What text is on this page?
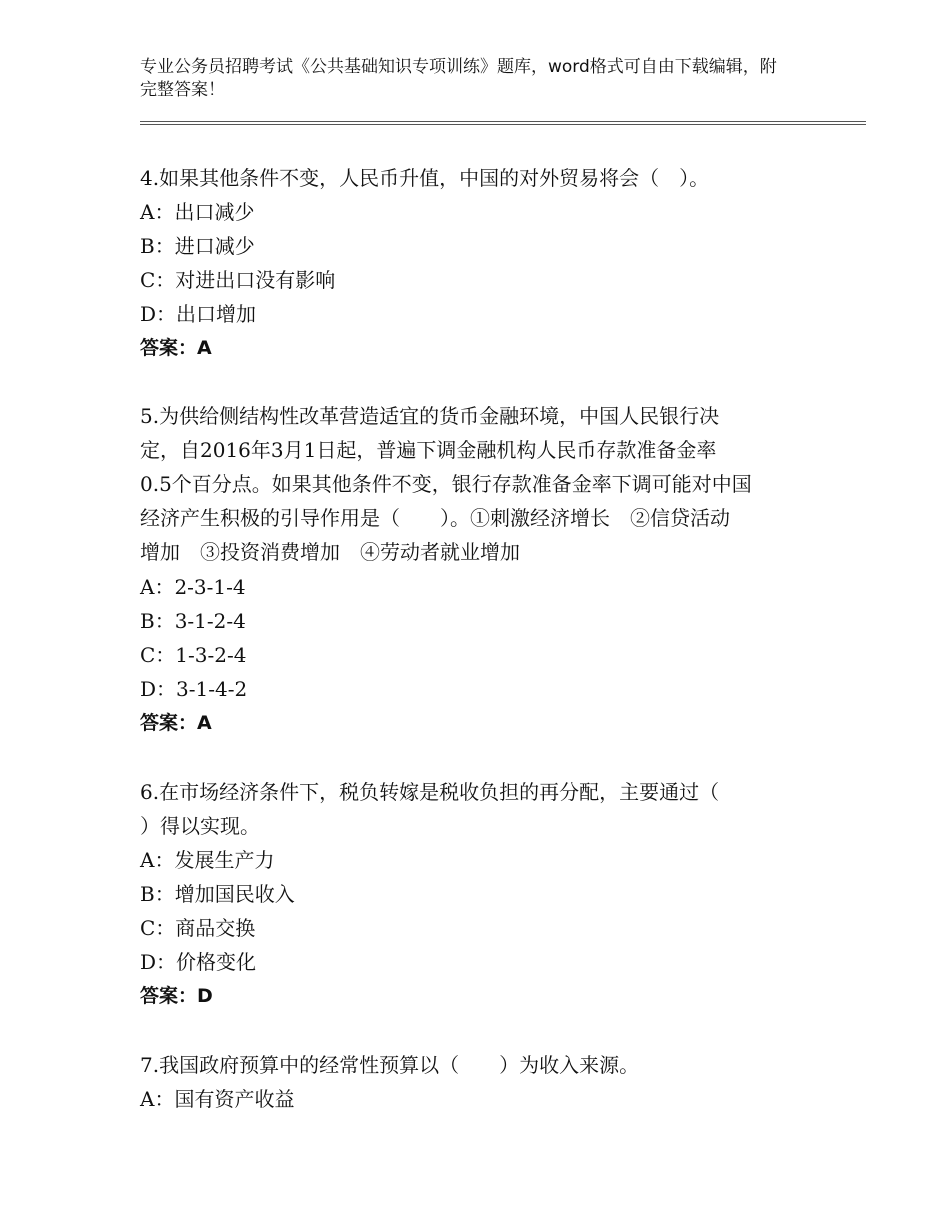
专业公务员招聘考试《公共基础知识专项训练》题库，word格式可自由下载编辑，附完整答案！
4.如果其他条件不变，人民币升值，中国的对外贸易将会（　）。
A：出口减少
B：进口减少
C：对进出口没有影响
D：出口增加
答案：A
5.为供给侧结构性改革营造适宜的货币金融环境，中国人民银行决
定，自2016年3月1日起，普遍下调金融机构人民币存款准备金率
0.5个百分点。如果其他条件不变，银行存款准备金率下调可能对中国
经济产生积极的引导作用是（　　）。①刺激经济增长　②信贷活动
增加　③投资消费增加　④劳动者就业增加
A：2-3-1-4
B：3-1-2-4
C：1-3-2-4
D：3-1-4-2
答案：A
6.在市场经济条件下，税负转嫁是税收负担的再分配，主要通过（
）得以实现。
A：发展生产力
B：增加国民收入
C：商品交换
D：价格变化
答案：D
7.我国政府预算中的经常性预算以（　　）为收入来源。
A：国有资产收益
